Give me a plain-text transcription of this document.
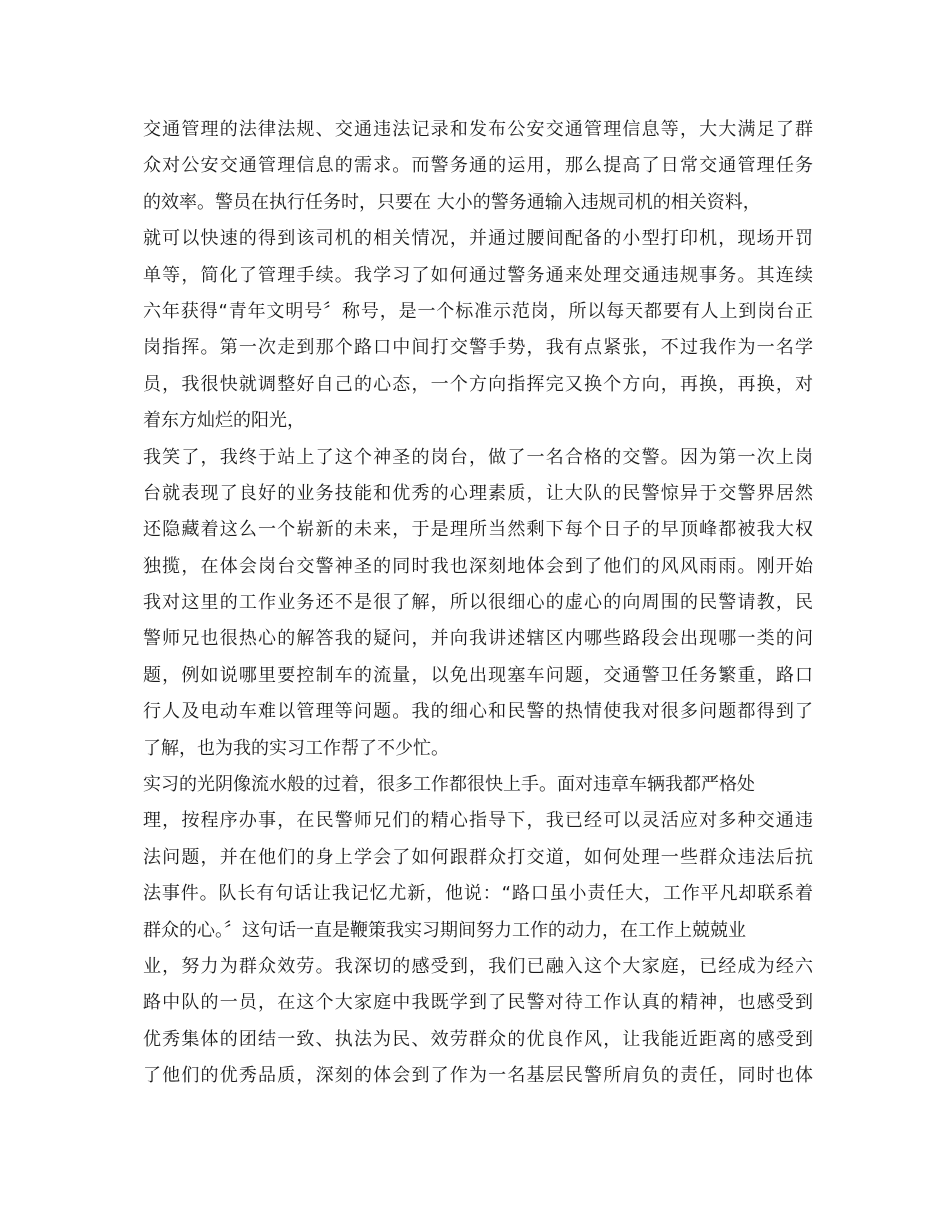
交通管理的法律法规、交通违法记录和发布公安交通管理信息等，大大满足了群
众对公安交通管理信息的需求。而警务通的运用，那么提高了日常交通管理任务
的效率。警员在执行任务时，只要在 大小的警务通输入违规司机的相关资料，
就可以快速的得到该司机的相关情况，并通过腰间配备的小型打印机，现场开罚
单等，简化了管理手续。我学习了如何通过警务通来处理交通违规事务。其连续
六年获得“青年文明号〞称号，是一个标准示范岗，所以每天都要有人上到岗台正
岗指挥。第一次走到那个路口中间打交警手势，我有点紧张，不过我作为一名学
员，我很快就调整好自己的心态，一个方向指挥完又换个方向，再换，再换，对
着东方灿烂的阳光，
我笑了，我终于站上了这个神圣的岗台，做了一名合格的交警。因为第一次上岗
台就表现了良好的业务技能和优秀的心理素质，让大队的民警惊异于交警界居然
还隐藏着这么一个崭新的未来，于是理所当然剩下每个日子的早顶峰都被我大权
独揽，在体会岗台交警神圣的同时我也深刻地体会到了他们的风风雨雨。刚开始
我对这里的工作业务还不是很了解，所以很细心的虚心的向周围的民警请教，民
警师兄也很热心的解答我的疑问，并向我讲述辖区内哪些路段会出现哪一类的问
题，例如说哪里要控制车的流量，以免出现塞车问题，交通警卫任务繁重，路口
行人及电动车难以管理等问题。我的细心和民警的热情使我对很多问题都得到了
了解，也为我的实习工作帮了不少忙。
实习的光阴像流水般的过着，很多工作都很快上手。面对违章车辆我都严格处
理，按程序办事，在民警师兄们的精心指导下，我已经可以灵活应对多种交通违
法问题，并在他们的身上学会了如何跟群众打交道，如何处理一些群众违法后抗
法事件。队长有句话让我记忆尤新，他说：“路口虽小责任大，工作平凡却联系着
群众的心。〞这句话一直是鞭策我实习期间努力工作的动力，在工作上兢兢业
业，努力为群众效劳。我深切的感受到，我们已融入这个大家庭，已经成为经六
路中队的一员，在这个大家庭中我既学到了民警对待工作认真的精神，也感受到
优秀集体的团结一致、执法为民、效劳群众的优良作风，让我能近距离的感受到
了他们的优秀品质，深刻的体会到了作为一名基层民警所肩负的责任，同时也体
